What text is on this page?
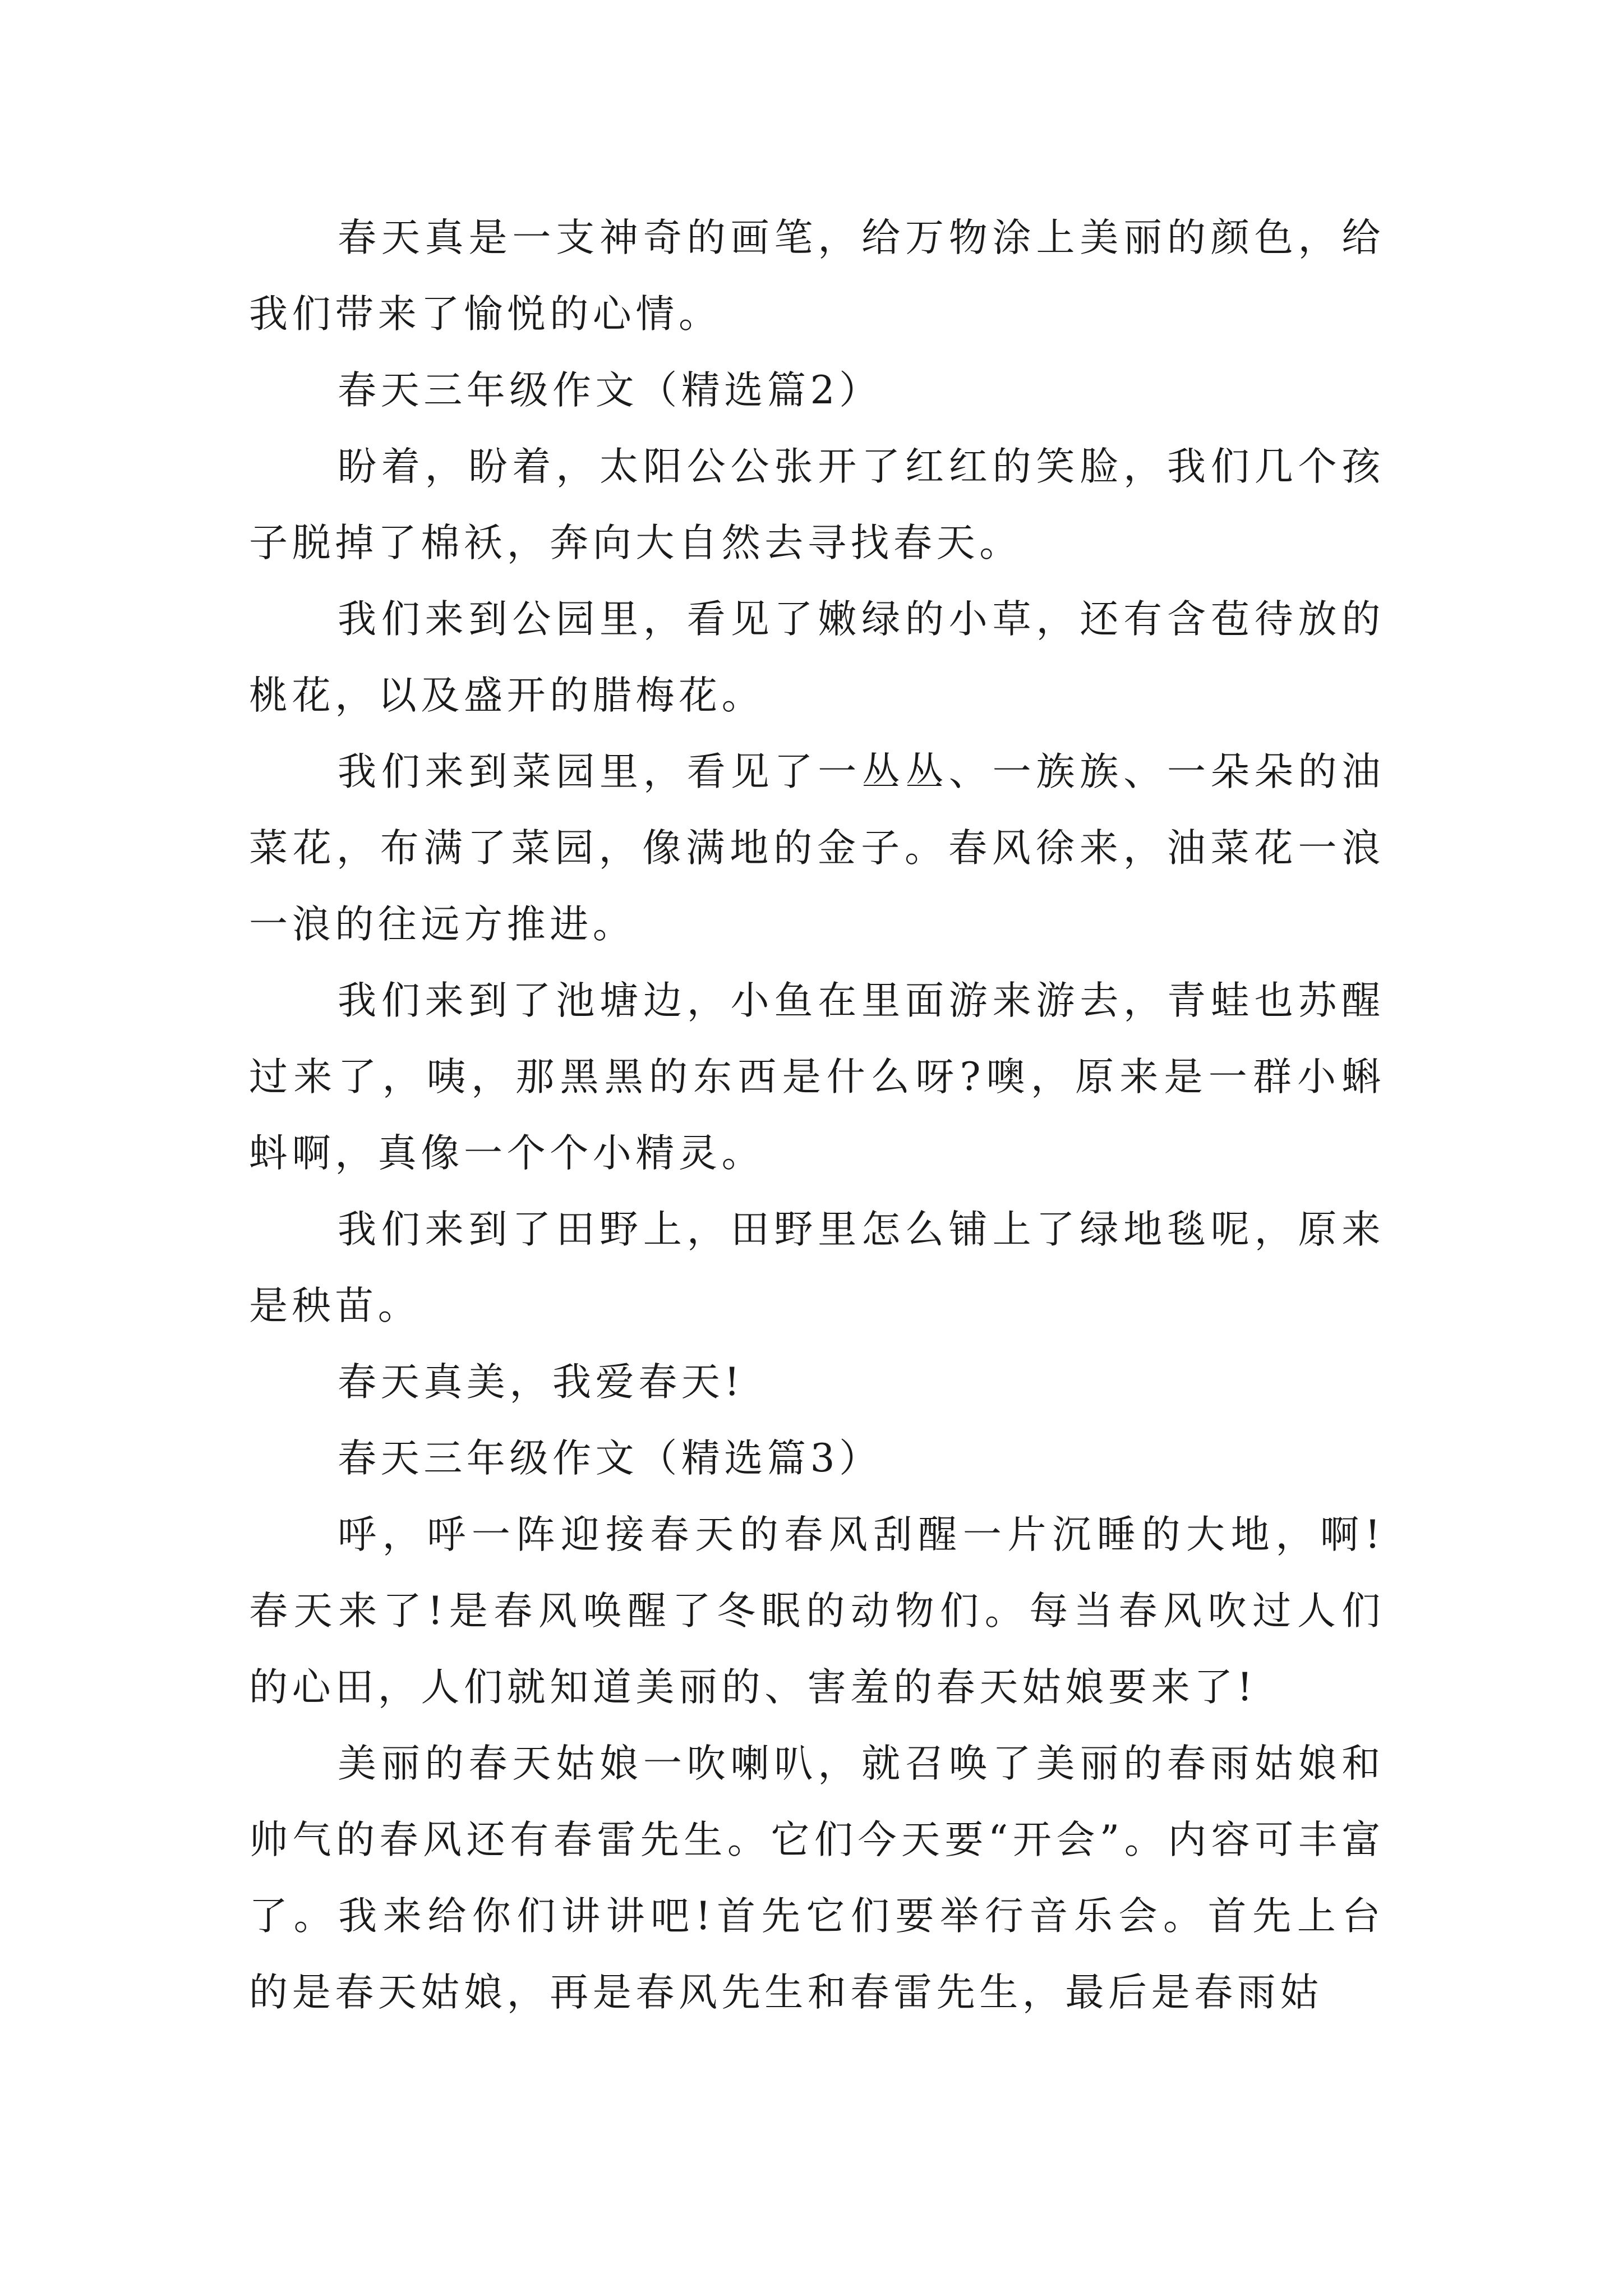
春天真是一支神奇的画笔，给万物涂上美丽的颜色，给我们带来了愉悦的心情。

春天三年级作文（精选篇2）

盼着，盼着，太阳公公张开了红红的笑脸，我们几个孩子脱掉了棉袄，奔向大自然去寻找春天。

我们来到公园里，看见了嫩绿的小草，还有含苞待放的桃花，以及盛开的腊梅花。

我们来到菜园里，看见了一丛丛、一族族、一朵朵的油菜花，布满了菜园，像满地的金子。春风徐来，油菜花一浪一浪的往远方推进。

我们来到了池塘边，小鱼在里面游来游去，青蛙也苏醒过来了，咦，那黑黑的东西是什么呀?噢，原来是一群小蝌蚪啊，真像一个个小精灵。

我们来到了田野上，田野里怎么铺上了绿地毯呢，原来是秧苗。

春天真美，我爱春天!

春天三年级作文（精选篇3）

呼，呼一阵迎接春天的春风刮醒一片沉睡的大地，啊!春天来了!是春风唤醒了冬眠的动物们。每当春风吹过人们的心田，人们就知道美丽的、害羞的春天姑娘要来了!

美丽的春天姑娘一吹喇叭，就召唤了美丽的春雨姑娘和帅气的春风还有春雷先生。它们今天要“开会”。内容可丰富了。我来给你们讲讲吧!首先它们要举行音乐会。首先上台的是春天姑娘，再是春风先生和春雷先生，最后是春雨姑
